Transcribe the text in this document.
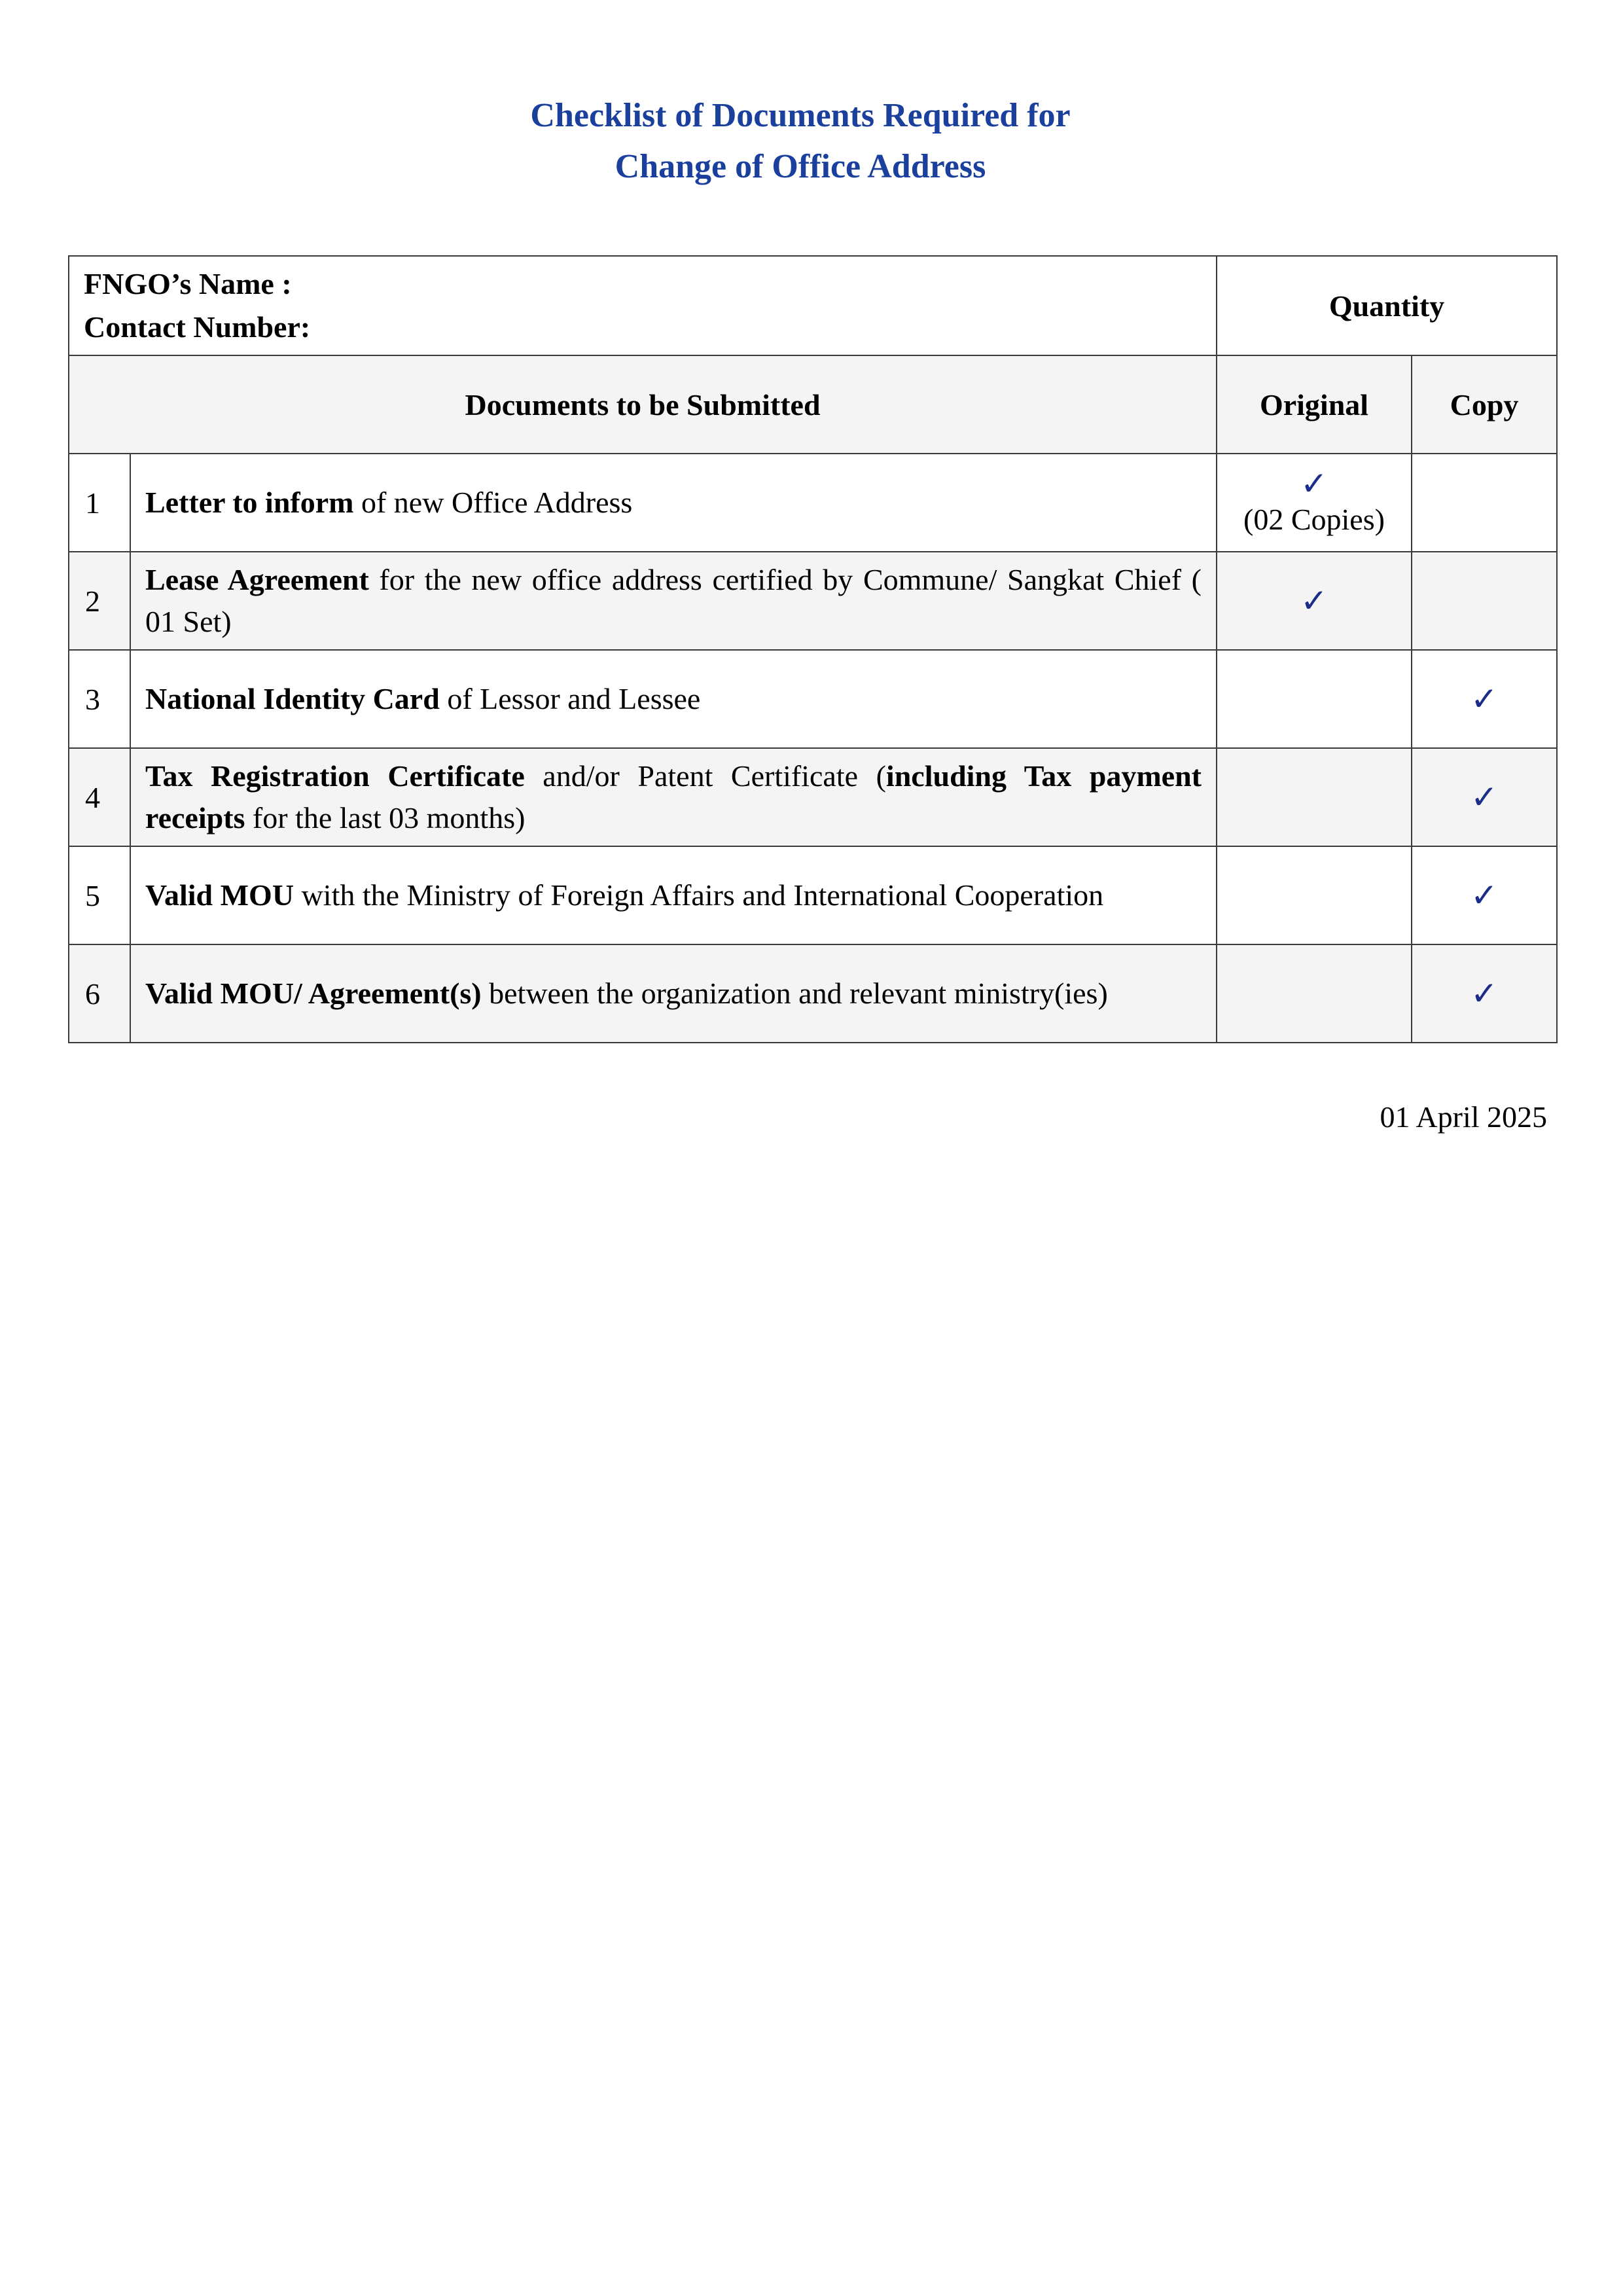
Checklist of Documents Required for
Change of Office Address
FNGO’s Name :
Contact Number:		Quantity	
Documents to be Submitted		Original	Copy
1	Letter to inform of new Office Address	✓
(02 Copies)	

2	Lease Agreement for the new office address certified by Commune/ Sangkat Chief ( 01 Set)	✓	

3	National Identity Card of Lessor and Lessee		✓

4	Tax Registration Certificate and/or Patent Certificate (including Tax payment receipts for the last 03 months)		✓

5	Valid MOU with the Ministry of Foreign Affairs and International Cooperation		✓

6	Valid MOU/ Agreement(s) between the organization and relevant ministry(ies)		✓
01 April 2025
